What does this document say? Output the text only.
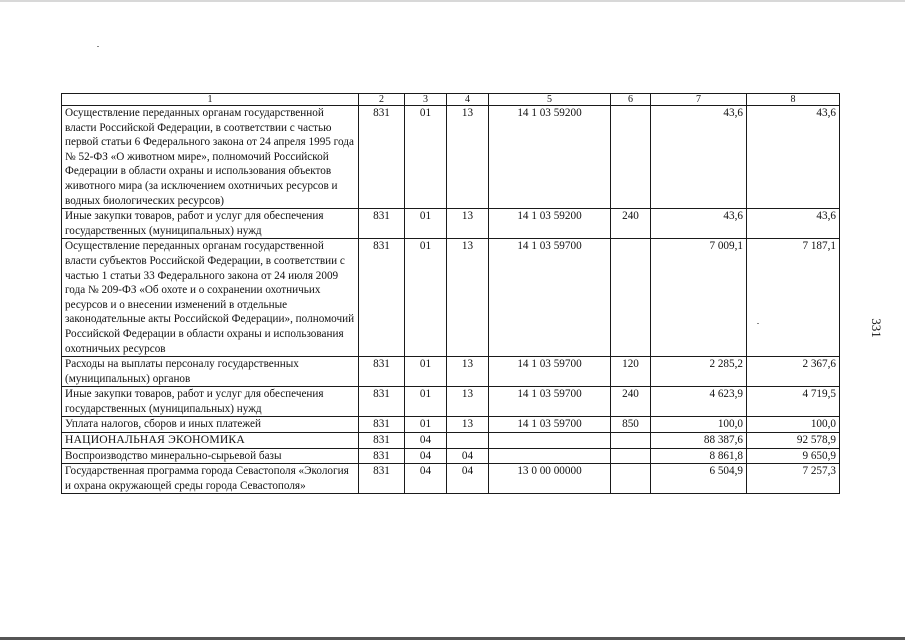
1	2	3	4	5	6	7	8
Осуществление переданных органам государственной власти Российской Федерации, в соответствии с частью первой статьи 6 Федерального закона от 24 апреля 1995 года № 52-ФЗ «О животном мире», полномочий Российской Федерации в области охраны и использования объектов животного мира (за исключением охотничьих ресурсов и водных биологических ресурсов)	831	01	13	14 1 03 59200		43,6	43,6
Иные закупки товаров, работ и услуг для обеспечения государственных (муниципальных) нужд	831	01	13	14 1 03 59200	240	43,6	43,6
Осуществление переданных органам государственной власти субъектов Российской Федерации, в соответствии с частью 1 статьи 33 Федерального закона от 24 июля 2009 года № 209-ФЗ «Об охоте и о сохранении охотничьих ресурсов и о внесении изменений в отдельные законодательные акты Российской Федерации», полномочий Российской Федерации в области охраны и использования охотничьих ресурсов	831	01	13	14 1 03 59700		7 009,1	7 187,1
Расходы на выплаты персоналу государственных (муниципальных) органов	831	01	13	14 1 03 59700	120	2 285,2	2 367,6
Иные закупки товаров, работ и услуг для обеспечения государственных (муниципальных) нужд	831	01	13	14 1 03 59700	240	4 623,9	4 719,5
Уплата налогов, сборов и иных платежей	831	01	13	14 1 03 59700	850	100,0	100,0
НАЦИОНАЛЬНАЯ ЭКОНОМИКА	831	04				88 387,6	92 578,9
Воспроизводство минерально-сырьевой базы	831	04	04			8 861,8	9 650,9
Государственная программа города Севастополя «Экология и охрана окружающей среды города Севастополя»	831	04	04	13 0 00 00000		6 504,9	7 257,3
331
